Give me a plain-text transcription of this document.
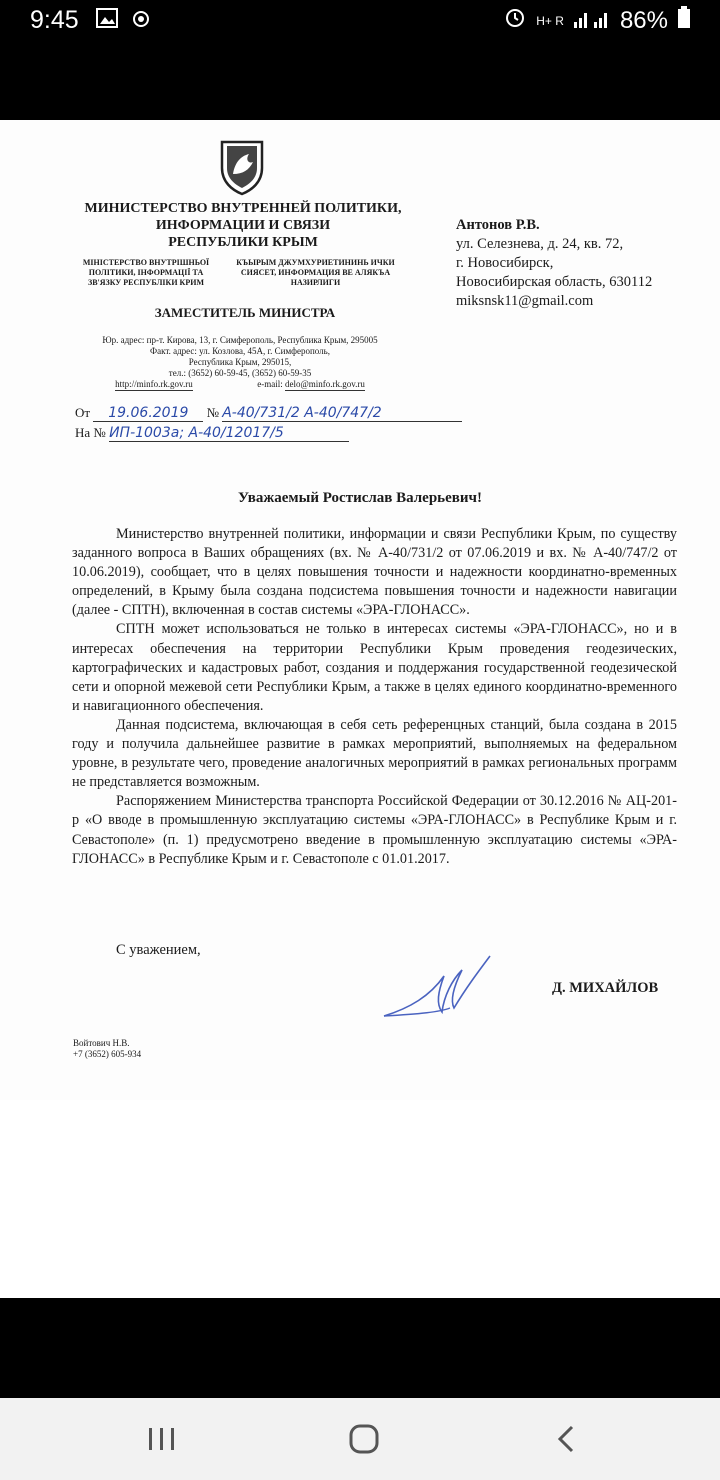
9:45	H+ R 86%
МИНИСТЕРСТВО ВНУТРЕННЕЙ ПОЛИТИКИ,
ИНФОРМАЦИИ И СВЯЗИ
РЕСПУБЛИКИ КРЫМ
МІНІСТЕРСТВО ВНУТРІШНЬОЇ
ПОЛІТИКИ, ІНФОРМАЦІЇ ТА
ЗВ'ЯЗКУ РЕСПУБЛІКИ КРИМ
КЪЫРЫМ ДЖУМХУРИЕТИНИНЬ ИЧКИ
СИЯСЕТ, ИНФОРМАЦИЯ ВЕ АЛЯКЪА
НАЗИРЛИГИ
ЗАМЕСТИТЕЛЬ МИНИСТРА
Юр. адрес: пр-т. Кирова, 13, г. Симферополь, Республика Крым, 295005
Факт. адрес: ул. Козлова, 45А, г. Симферополь,
Республика Крым, 295015,
тел.: (3652) 60-59-45, (3652) 60-59-35
http://minfo.rk.gov.ru	e-mail: delo@minfo.rk.gov.ru
От 19.06.2019 № А-40/731/2 А-40/747/2
На № ИП-1003а; А-40/12017/5
Антонов Р.В.
ул. Селезнева, д. 24, кв. 72,
г. Новосибирск,
Новосибирская область, 630112
miksnsk11@gmail.com
Уважаемый Ростислав Валерьевич!

Министерство внутренней политики, информации и связи Республики Крым, по существу заданного вопроса в Ваших обращениях (вх. № А-40/731/2 от 07.06.2019 и вх. № А-40/747/2 от 10.06.2019), сообщает, что в целях повышения точности и надежности координатно-временных определений, в Крыму была создана подсистема повышения точности и надежности навигации (далее - СПТН), включенная в состав системы «ЭРА-ГЛОНАСС».

СПТН может использоваться не только в интересах системы «ЭРА-ГЛОНАСС», но и в интересах обеспечения на территории Республики Крым проведения геодезических, картографических и кадастровых работ, создания и поддержания государственной геодезической сети и опорной межевой сети Республики Крым, а также в целях единого координатно-временного и навигационного обеспечения.

Данная подсистема, включающая в себя сеть референцных станций, была создана в 2015 году и получила дальнейшее развитие в рамках мероприятий, выполняемых на федеральном уровне, в результате чего, проведение аналогичных мероприятий в рамках региональных программ не представляется возможным.

Распоряжением Министерства транспорта Российской Федерации от 30.12.2016 № АЦ-201-р «О вводе в промышленную эксплуатацию системы «ЭРА-ГЛОНАСС» в Республике Крым и г. Севастополе» (п. 1) предусмотрено введение в промышленную эксплуатацию системы «ЭРА-ГЛОНАСС» в Республике Крым и г. Севастополе с 01.01.2017.

С уважением,
Д. МИХАЙЛОВ
Войтович Н.В.
+7 (3652) 605-934
